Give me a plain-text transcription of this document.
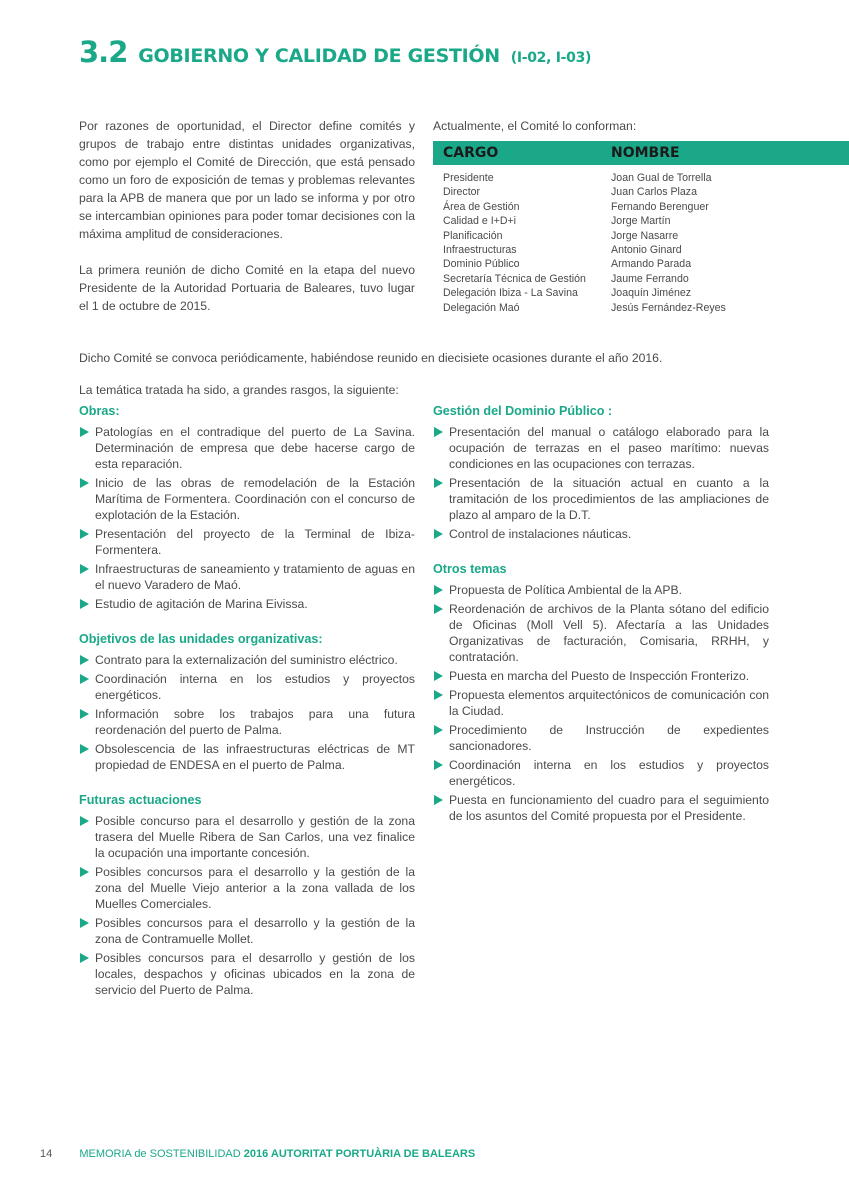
3.2 GOBIERNO Y CALIDAD DE GESTIÓN (I-02, I-03)

Por razones de oportunidad, el Director define comités y grupos de trabajo entre distintas unidades organizativas, como por ejemplo el Comité de Dirección, que está pensado como un foro de exposición de temas y problemas relevantes para la APB de manera que por un lado se informa y por otro se intercambian opiniones para poder tomar decisiones con la máxima amplitud de consideraciones.

La primera reunión de dicho Comité en la etapa del nuevo Presidente de la Autoridad Portuaria de Baleares, tuvo lugar el 1 de octubre de 2015.

Actualmente, el Comité lo conforman:

CARGO	NOMBRE
Presidente	Joan Gual de Torrella
Director	Juan Carlos Plaza
Área de Gestión	Fernando Berenguer
Calidad e I+D+i	Jorge Martín
Planificación	Jorge Nasarre
Infraestructuras	Antonio Ginard
Dominio Público	Armando Parada
Secretaría Técnica de Gestión	Jaume Ferrando
Delegación Ibiza - La Savina	Joaquín Jiménez
Delegación Maó	Jesús Fernández-Reyes

Dicho Comité se convoca periódicamente, habiéndose reunido en diecisiete ocasiones durante el año 2016.

La temática tratada ha sido, a grandes rasgos, la siguiente:

Obras:

Patologías en el contradique del puerto de La Savina. Determinación de empresa que debe hacerse cargo de esta reparación.
Inicio de las obras de remodelación de la Estación Marítima de Formentera. Coordinación con el concurso de explotación de la Estación.
Presentación del proyecto de la Terminal de Ibiza-Formentera.
Infraestructuras de saneamiento y tratamiento de aguas en el nuevo Varadero de Maó.
Estudio de agitación de Marina Eivissa.

Objetivos de las unidades organizativas:

Contrato para la externalización del suministro eléctrico.
Coordinación interna en los estudios y proyectos energéticos.
Información sobre los trabajos para una futura reordenación del puerto de Palma.
Obsolescencia de las infraestructuras eléctricas de MT propiedad de ENDESA en el puerto de Palma.

Futuras actuaciones

Posible concurso para el desarrollo y gestión de la zona trasera del Muelle Ribera de San Carlos, una vez finalice la ocupación una importante concesión.
Posibles concursos para el desarrollo y la gestión de la zona del Muelle Viejo anterior a la zona vallada de los Muelles Comerciales.
Posibles concursos para el desarrollo y la gestión de la zona de Contramuelle Mollet.
Posibles concursos para el desarrollo y gestión de los locales, despachos y oficinas ubicados en la zona de servicio del Puerto de Palma.

Gestión del Dominio Público :

Presentación del manual o catálogo elaborado para la ocupación de terrazas en el paseo marítimo: nuevas condiciones en las ocupaciones con terrazas.
Presentación de la situación actual en cuanto a la tramitación de los procedimientos de las ampliaciones de plazo al amparo de la D.T.
Control de instalaciones náuticas.

Otros temas

Propuesta de Política Ambiental de la APB.
Reordenación de archivos de la Planta sótano del edificio de Oficinas (Moll Vell 5). Afectaría a las Unidades Organizativas de facturación, Comisaria, RRHH, y contratación.
Puesta en marcha del Puesto de Inspección Fronterizo.
Propuesta elementos arquitectónicos de comunicación con la Ciudad.
Procedimiento de Instrucción de expedientes sancionadores.
Coordinación interna en los estudios y proyectos energéticos.
Puesta en funcionamiento del cuadro para el seguimiento de los asuntos del Comité propuesta por el Presidente.
14 MEMORIA de SOSTENIBILIDAD 2016 AUTORITAT PORTUÀRIA DE BALEARS
